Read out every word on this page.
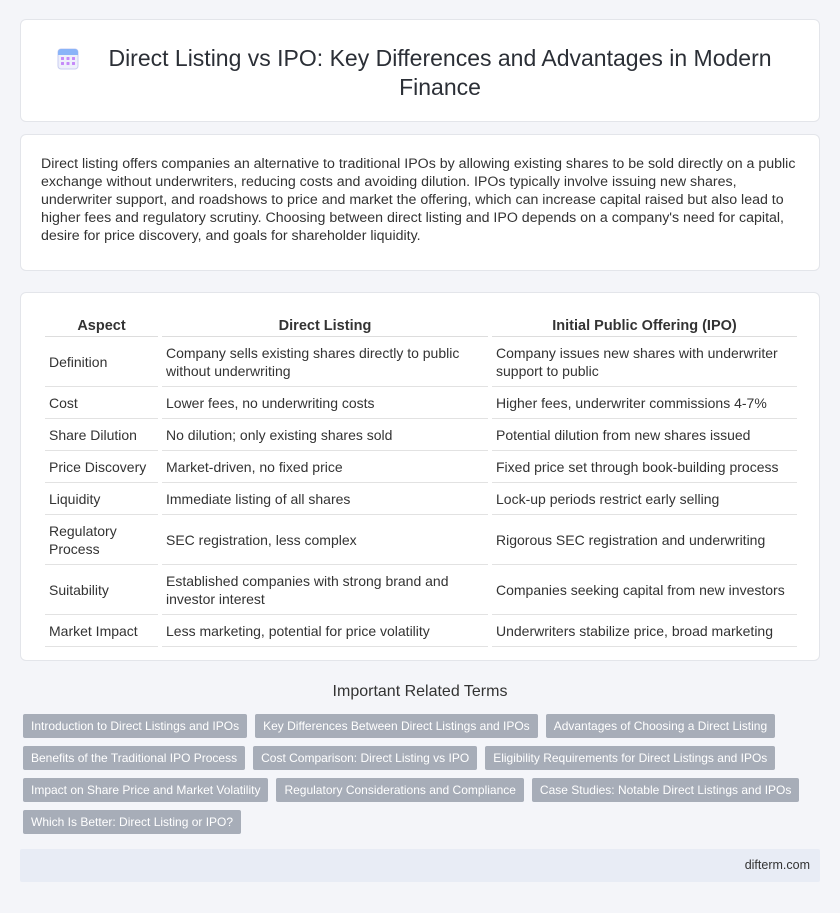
Direct Listing vs IPO: Key Differences and Advantages in Modern Finance

Direct listing offers companies an alternative to traditional IPOs by allowing existing shares to be sold directly on a public exchange without underwriters, reducing costs and avoiding dilution. IPOs typically involve issuing new shares, underwriter support, and roadshows to price and market the offering, which can increase capital raised but also lead to higher fees and regulatory scrutiny. Choosing between direct listing and IPO depends on a company's need for capital, desire for price discovery, and goals for shareholder liquidity.

Aspect	Direct Listing	Initial Public Offering (IPO)
Definition	Company sells existing shares directly to public without underwriting	Company issues new shares with underwriter support to public
Cost	Lower fees, no underwriting costs	Higher fees, underwriter commissions 4-7%
Share Dilution	No dilution; only existing shares sold	Potential dilution from new shares issued
Price Discovery	Market-driven, no fixed price	Fixed price set through book-building process
Liquidity	Immediate listing of all shares	Lock-up periods restrict early selling
Regulatory Process	SEC registration, less complex	Rigorous SEC registration and underwriting
Suitability	Established companies with strong brand and investor interest	Companies seeking capital from new investors
Market Impact	Less marketing, potential for price volatility	Underwriters stabilize price, broad marketing
Important Related Terms
Introduction to Direct Listings and IPOs	Key Differences Between Direct Listings and IPOs	Advantages of Choosing a Direct Listing
Benefits of the Traditional IPO Process	Cost Comparison: Direct Listing vs IPO	Eligibility Requirements for Direct Listings and IPOs
Impact on Share Price and Market Volatility	Regulatory Considerations and Compliance	Case Studies: Notable Direct Listings and IPOs
Which Is Better: Direct Listing or IPO?
difterm.com
